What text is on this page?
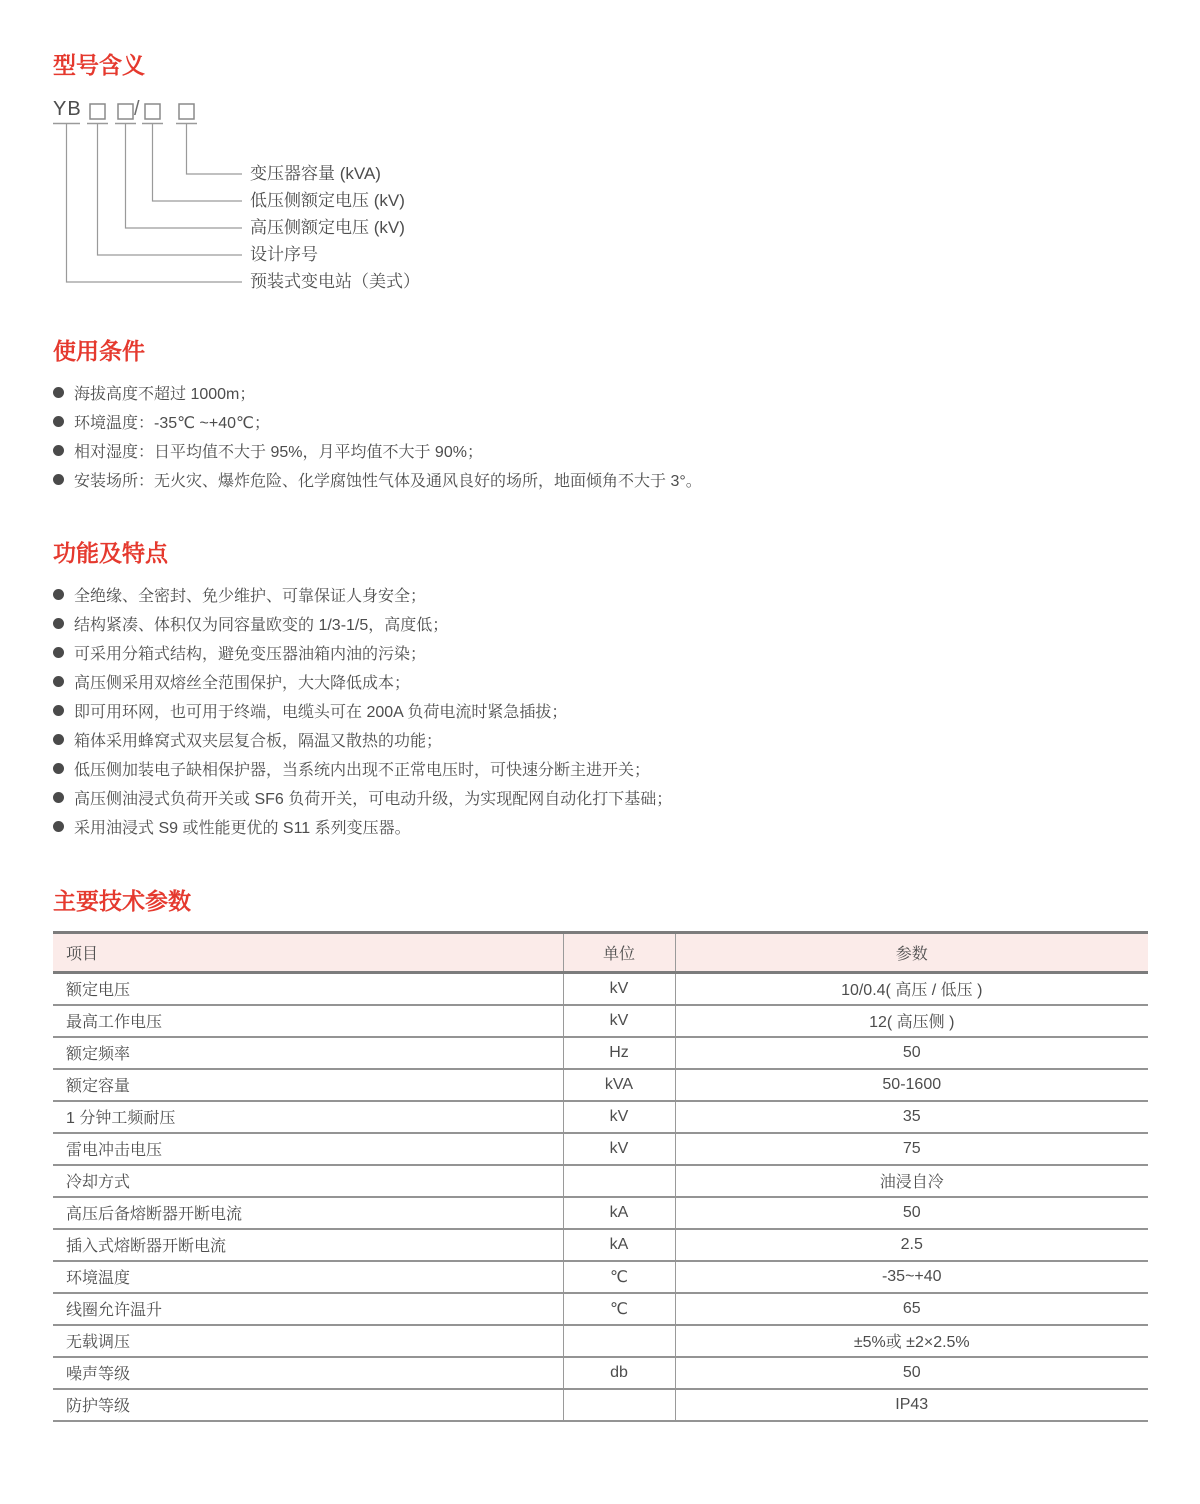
型号含义
YB	/
变压器容量 (kVA)
低压侧额定电压 (kV)
高压侧额定电压 (kV)
设计序号
预装式变电站（美式）
使用条件
海拔高度不超过 1000m；
环境温度：-35℃ ~+40℃；
相对湿度：日平均值不大于 95%，月平均值不大于 90%；
安装场所：无火灾、爆炸危险、化学腐蚀性气体及通风良好的场所，地面倾角不大于 3°。
功能及特点
全绝缘、全密封、免少维护、可靠保证人身安全；
结构紧凑、体积仅为同容量欧变的 1/3-1/5，高度低；
可采用分箱式结构，避免变压器油箱内油的污染；
高压侧采用双熔丝全范围保护，大大降低成本；
即可用环网，也可用于终端，电缆头可在 200A 负荷电流时紧急插拔；
箱体采用蜂窝式双夹层复合板，隔温又散热的功能；
低压侧加装电子缺相保护器，当系统内出现不正常电压时，可快速分断主进开关；
高压侧油浸式负荷开关或 SF6 负荷开关，可电动升级，为实现配网自动化打下基础；
采用油浸式 S9 或性能更优的 S11 系列变压器。
主要技术参数
项目	单位	参数
额定电压	kV	10/0.4( 高压 / 低压 )
最高工作电压	kV	12( 高压侧 )
额定频率	Hz	50
额定容量	kVA	50-1600
1 分钟工频耐压	kV	35
雷电冲击电压	kV	75
冷却方式		油浸自冷
高压后备熔断器开断电流	kA	50
插入式熔断器开断电流	kA	2.5
环境温度	℃	-35~+40
线圈允许温升	℃	65
无载调压		±5%或 ±2×2.5%
噪声等级	db	50
防护等级		IP43
